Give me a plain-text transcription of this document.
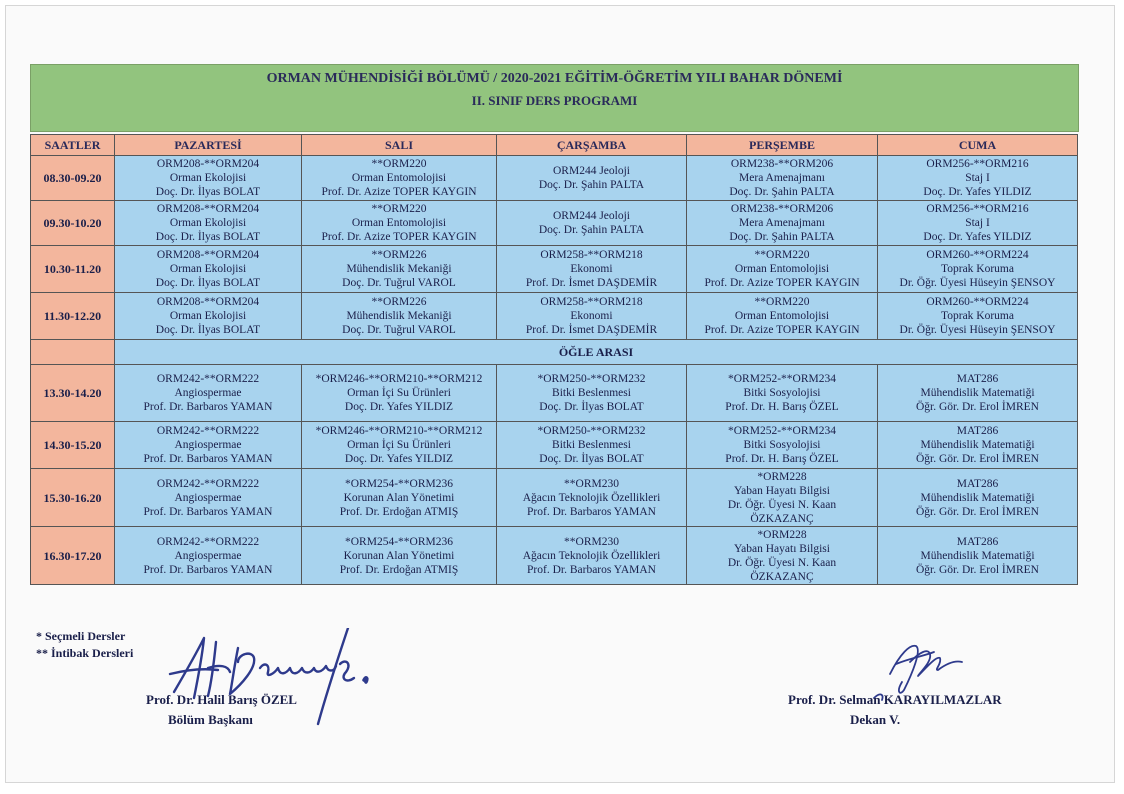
ORMAN MÜHENDİSİĞİ BÖLÜMÜ / 2020-2021 EĞİTİM-ÖĞRETİM YILI BAHAR DÖNEMİ
II. SINIF DERS PROGRAMI
SAATLER	PAZARTESİ	SALI	ÇARŞAMBA	PERŞEMBE	CUMA
08.30-09.20	ORM208-**ORM204
Orman Ekolojisi
Doç. Dr. İlyas BOLAT	**ORM220
Orman Entomolojisi
Prof. Dr. Azize TOPER KAYGIN	ORM244 Jeoloji
Doç. Dr. Şahin PALTA	ORM238-**ORM206
Mera Amenajmanı
Doç. Dr. Şahin PALTA	ORM256-**ORM216
Staj I
Doç. Dr. Yafes YILDIZ

09.30-10.20	ORM208-**ORM204
Orman Ekolojisi
Doç. Dr. İlyas BOLAT	**ORM220
Orman Entomolojisi
Prof. Dr. Azize TOPER KAYGIN	ORM244 Jeoloji
Doç. Dr. Şahin PALTA	ORM238-**ORM206
Mera Amenajmanı
Doç. Dr. Şahin PALTA	ORM256-**ORM216
Staj I
Doç. Dr. Yafes YILDIZ

10.30-11.20	ORM208-**ORM204
Orman Ekolojisi
Doç. Dr. İlyas BOLAT	**ORM226
Mühendislik Mekaniği
Doç. Dr. Tuğrul VAROL	ORM258-**ORM218
Ekonomi
Prof. Dr. İsmet DAŞDEMİR	**ORM220
Orman Entomolojisi
Prof. Dr. Azize TOPER KAYGIN	ORM260-**ORM224
Toprak Koruma
Dr. Öğr. Üyesi Hüseyin ŞENSOY

11.30-12.20	ORM208-**ORM204
Orman Ekolojisi
Doç. Dr. İlyas BOLAT	**ORM226
Mühendislik Mekaniği
Doç. Dr. Tuğrul VAROL	ORM258-**ORM218
Ekonomi
Prof. Dr. İsmet DAŞDEMİR	**ORM220
Orman Entomolojisi
Prof. Dr. Azize TOPER KAYGIN	ORM260-**ORM224
Toprak Koruma
Dr. Öğr. Üyesi Hüseyin ŞENSOY

	ÖĞLE ARASI				
13.30-14.20	ORM242-**ORM222
Angiospermae
Prof. Dr. Barbaros YAMAN	*ORM246-**ORM210-**ORM212
Orman İçi Su Ürünleri
Doç. Dr. Yafes YILDIZ	*ORM250-**ORM232
Bitki Beslenmesi
Doç. Dr. İlyas BOLAT	*ORM252-**ORM234
Bitki Sosyolojisi
Prof. Dr. H. Barış ÖZEL	MAT286
Mühendislik Matematiği
Öğr. Gör. Dr. Erol İMREN

14.30-15.20	ORM242-**ORM222
Angiospermae
Prof. Dr. Barbaros YAMAN	*ORM246-**ORM210-**ORM212
Orman İçi Su Ürünleri
Doç. Dr. Yafes YILDIZ	*ORM250-**ORM232
Bitki Beslenmesi
Doç. Dr. İlyas BOLAT	*ORM252-**ORM234
Bitki Sosyolojisi
Prof. Dr. H. Barış ÖZEL	MAT286
Mühendislik Matematiği
Öğr. Gör. Dr. Erol İMREN

15.30-16.20	ORM242-**ORM222
Angiospermae
Prof. Dr. Barbaros YAMAN	*ORM254-**ORM236
Korunan Alan Yönetimi
Prof. Dr. Erdoğan ATMIŞ	**ORM230
Ağacın Teknolojik Özellikleri
Prof. Dr. Barbaros YAMAN	*ORM228
Yaban Hayatı Bilgisi
Dr. Öğr. Üyesi N. Kaan
ÖZKAZANÇ	MAT286
Mühendislik Matematiği
Öğr. Gör. Dr. Erol İMREN

16.30-17.20	ORM242-**ORM222
Angiospermae
Prof. Dr. Barbaros YAMAN	*ORM254-**ORM236
Korunan Alan Yönetimi
Prof. Dr. Erdoğan ATMIŞ	**ORM230
Ağacın Teknolojik Özellikleri
Prof. Dr. Barbaros YAMAN	*ORM228
Yaban Hayatı Bilgisi
Dr. Öğr. Üyesi N. Kaan
ÖZKAZANÇ	MAT286
Mühendislik Matematiği
Öğr. Gör. Dr. Erol İMREN
* Seçmeli Dersler
** İntibak Dersleri
Prof. Dr. Halil Barış ÖZEL
Bölüm Başkanı
Prof. Dr. Selman KARAYILMAZLAR
Dekan V.
